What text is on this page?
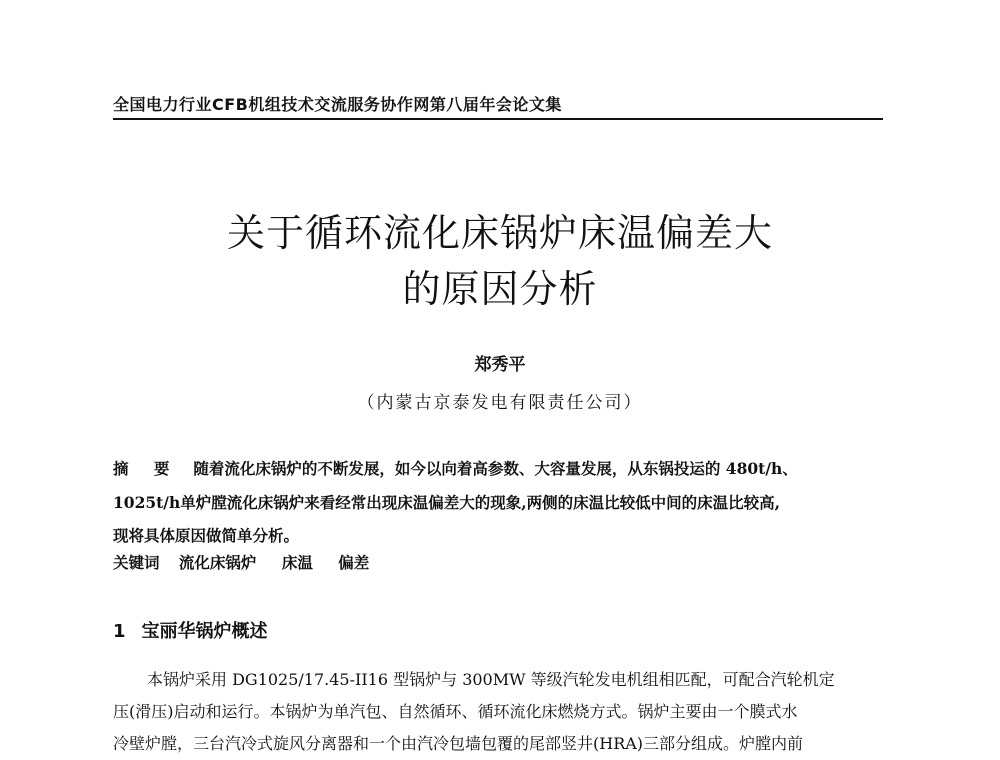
全国电力行业CFB机组技术交流服务协作网第八届年会论文集
关于循环流化床锅炉床温偏差大
的原因分析
郑秀平
（内蒙古京泰发电有限责任公司）
摘 要 随着流化床锅炉的不断发展，如今以向着高参数、大容量发展，从东锅投运的 480t/h、
1025t/h单炉膛流化床锅炉来看经常出现床温偏差大的现象,两侧的床温比较低中间的床温比较高,
现将具体原因做简单分析。
关键词 流化床锅炉 床温 偏差
1 宝丽华锅炉概述
本锅炉采用 DG1025/17.45-II16 型锅炉与 300MW 等级汽轮发电机组相匹配，可配合汽轮机定
压(滑压)启动和运行。本锅炉为单汽包、自然循环、循环流化床燃烧方式。锅炉主要由一个膜式水
冷壁炉膛，三台汽冷式旋风分离器和一个由汽冷包墙包覆的尾部竖井(HRA)三部分组成。炉膛内前
